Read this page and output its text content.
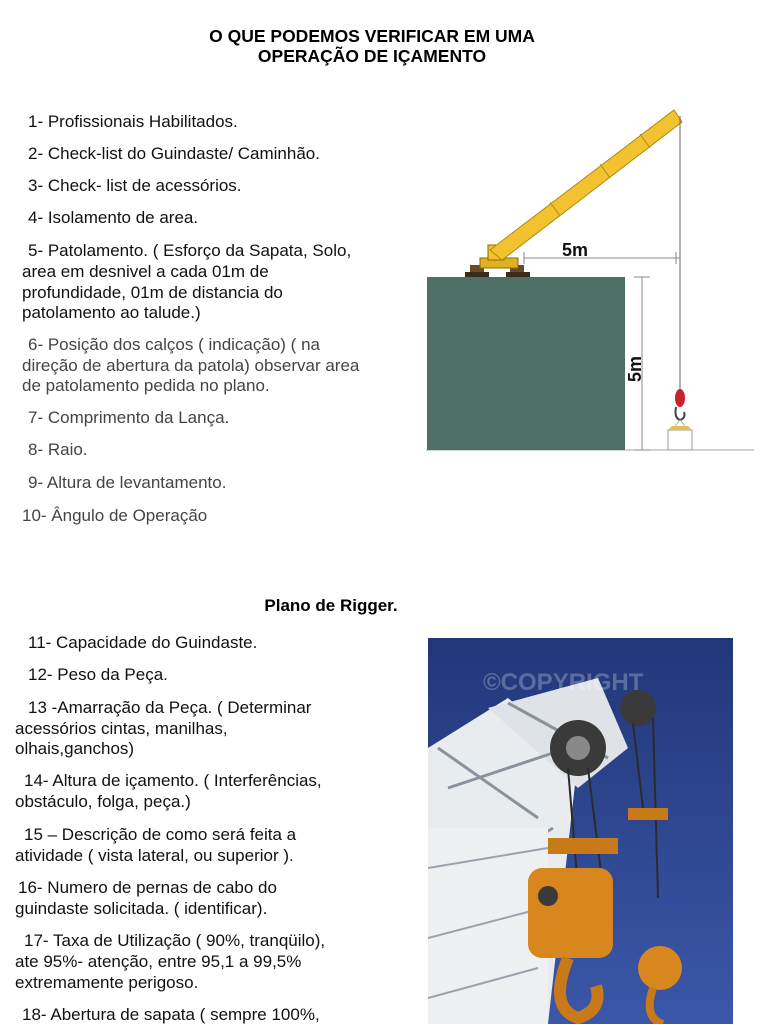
O QUE PODEMOS VERIFICAR EM UMA
OPERAÇÃO DE IÇAMENTO
1- Profissionais Habilitados.
2- Check-list do Guindaste/ Caminhão.
3- Check- list de acessórios.
4- Isolamento de area.
5- Patolamento. ( Esforço da Sapata, Solo,
area em desnivel a cada 01m de
profundidade, 01m de distancia do
patolamento ao talude.)
6- Posição dos calços ( indicação) ( na
direção de abertura da patola) observar area
de patolamento pedida no plano.
7- Comprimento da Lança.
8- Raio.
9- Altura de levantamento.
10- Ângulo de Operação
5m
5m
Plano de Rigger.
11- Capacidade do Guindaste.
12- Peso da Peça.
13 -Amarração da Peça. ( Determinar
acessórios cintas, manilhas,
olhais,ganchos)
14- Altura de içamento. ( Interferências,
obstáculo, folga, peça.)
15 – Descrição de como será feita a
atividade ( vista lateral, ou superior ).
16- Numero de pernas de cabo do
guindaste solicitada. ( identificar).
17- Taxa de Utilização ( 90%, tranqüilo),
ate 95%- atenção, entre 95,1 a 99,5%
extremamente perigoso.
18- Abertura de sapata ( sempre 100%,
©COPYRIGHT
